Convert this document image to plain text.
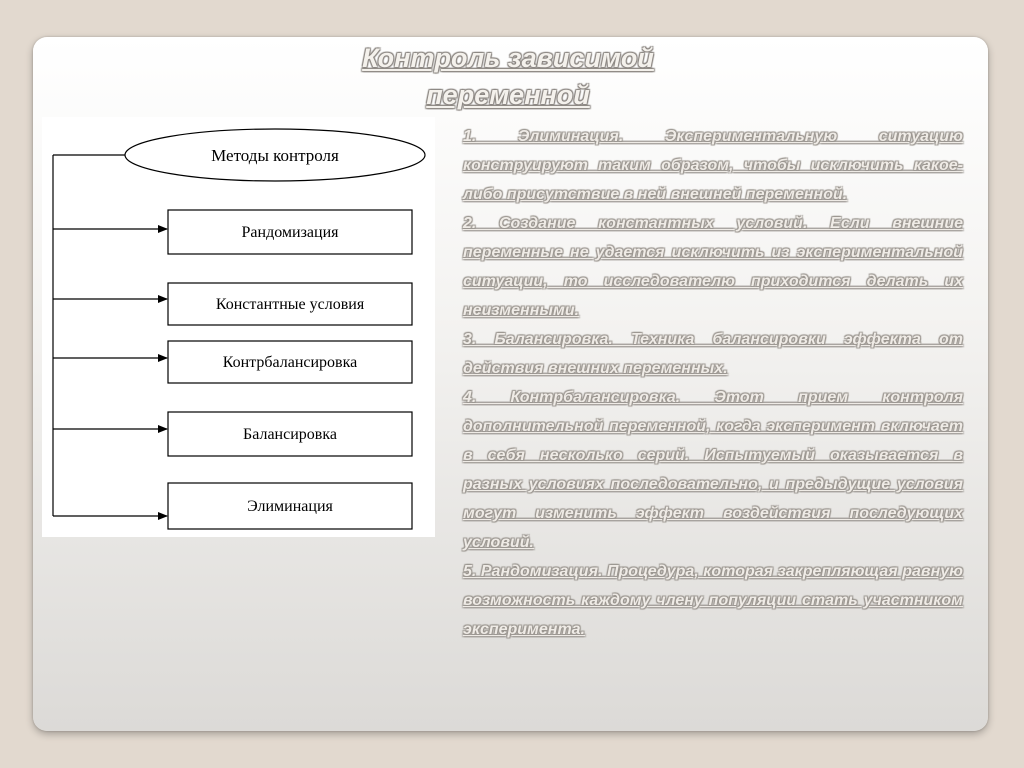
Контроль зависимой
переменной
Методы контроля
Рандомизация
Константные условия
Контрбалансировка
Балансировка
Элиминация

1. Элиминация. Экспериментальную ситуацию конструируют таким образом, чтобы исключить какое-либо присутствие в ней внешней переменной.

2. Создание константных условий. Если внешние переменные не удается исключить из экспериментальной ситуации, то исследователю приходится делать их неизменными.

3. Балансировка. Техника балансировки эффекта от действия внешних переменных.

4. Контрбалансировка. Этот прием контроля дополнительной переменной, когда эксперимент включает в себя несколько серий. Испытуемый оказывается в разных условиях последовательно, и предыдущие условия могут изменить эффект воздействия последующих условий.

5. Рандомизация. Процедура, которая закрепляющая равную возможность каждому члену популяции стать участником эксперимента.
